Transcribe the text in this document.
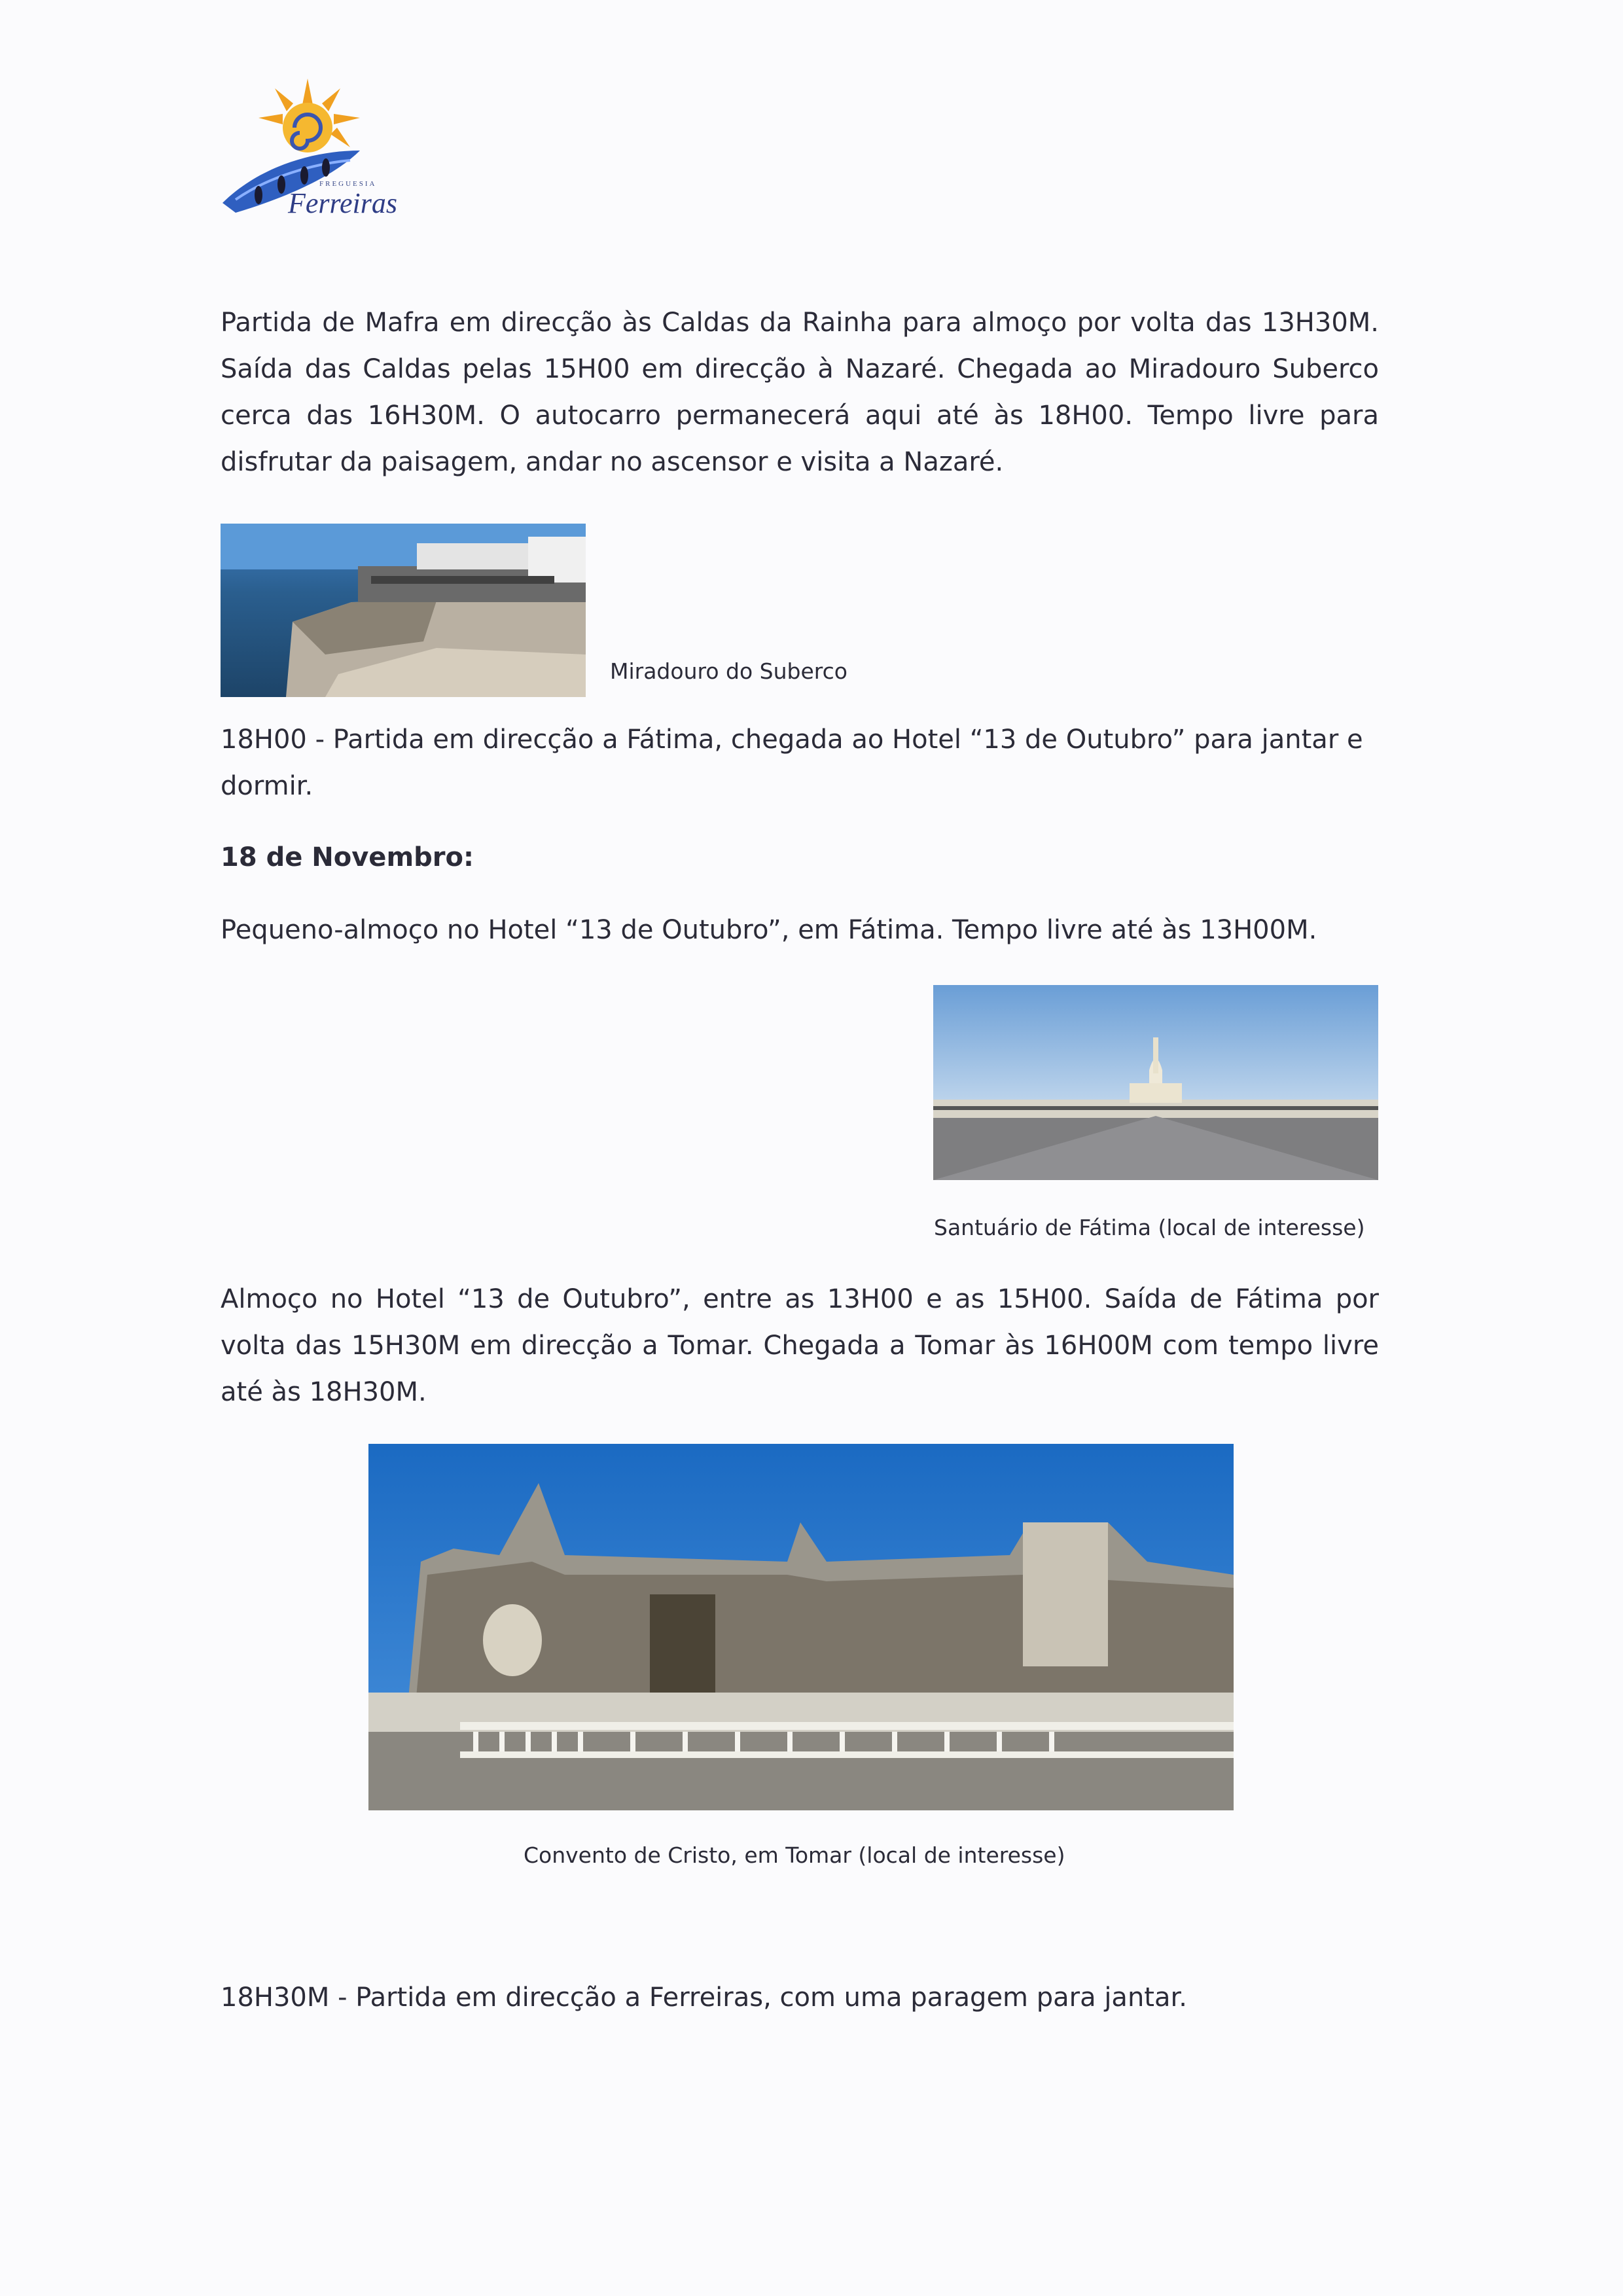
FREGUESIA
Ferreiras

Partida de Mafra em direcção às Caldas da Rainha para almoço por volta das 13H30M. Saída das Caldas pelas 15H00 em direcção à Nazaré. Chegada ao Miradouro Suberco cerca das 16H30M. O autocarro permanecerá aqui até às 18H00. Tempo livre para disfrutar da paisagem, andar no ascensor e visita a Nazaré.

Miradouro do Suberco

18H00 - Partida em direcção a Fátima, chegada ao Hotel “13 de Outubro” para jantar e dormir.

18 de Novembro:

Pequeno-almoço no Hotel “13 de Outubro”, em Fátima. Tempo livre até às 13H00M.

Santuário de Fátima (local de interesse)

Almoço no Hotel “13 de Outubro”, entre as 13H00 e as 15H00. Saída de Fátima por volta das 15H30M em direcção a Tomar. Chegada a Tomar às 16H00M com tempo livre até às 18H30M.

Convento de Cristo, em Tomar (local de interesse)

18H30M - Partida em direcção a Ferreiras, com uma paragem para jantar.
